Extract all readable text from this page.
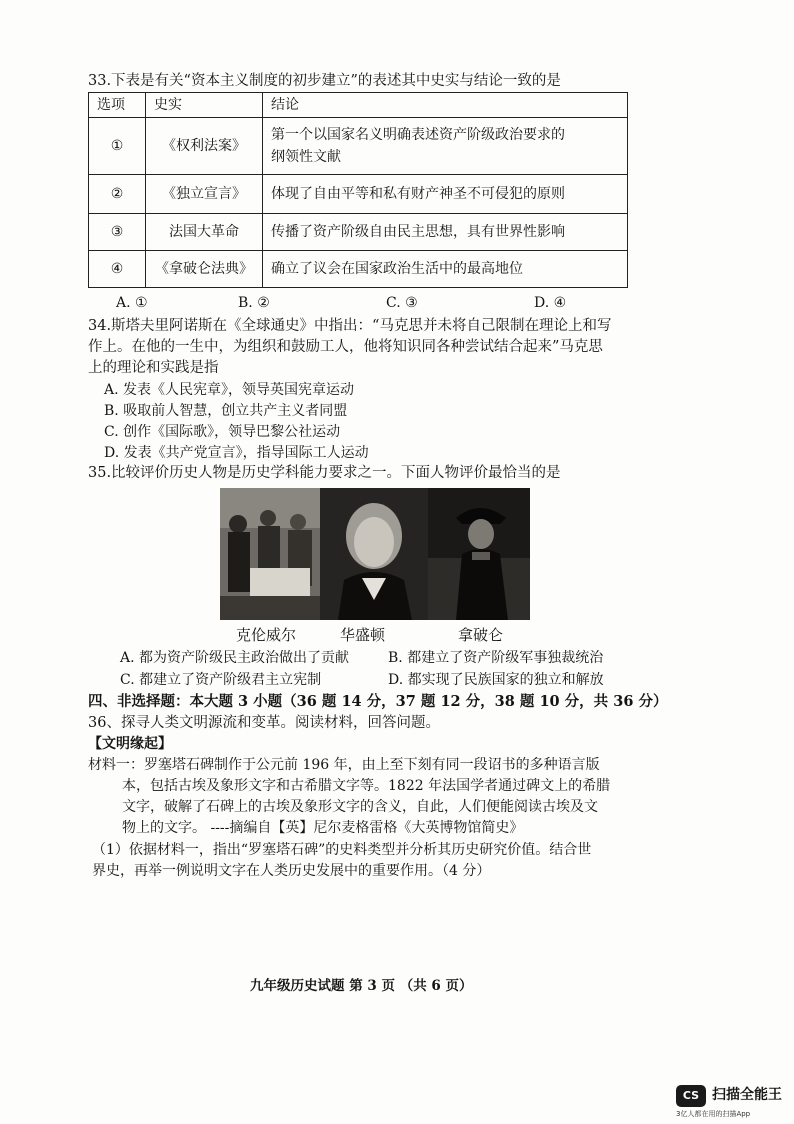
33.下表是有关“资本主义制度的初步建立”的表述其中史实与结论一致的是
选项	史实	结论
①	《权利法案》	第一个以国家名义明确表述资产阶级政治要求的
纲领性文献

②	《独立宣言》	体现了自由平等和私有财产神圣不可侵犯的原则
③	法国大革命	传播了资产阶级自由民主思想，具有世界性影响
④	《拿破仑法典》	确立了议会在国家政治生活中的最高地位
A. ①	B. ②	C. ③	D. ④
34.斯塔夫里阿诺斯在《全球通史》中指出：“马克思并未将自己限制在理论上和写
作上。在他的一生中，为组织和鼓励工人，他将知识同各种尝试结合起来”马克思
上的理论和实践是指
A. 发表《人民宪章》，领导英国宪章运动
B. 吸取前人智慧，创立共产主义者同盟
C. 创作《国际歌》，领导巴黎公社运动
D. 发表《共产党宣言》，指导国际工人运动
35.比较评价历史人物是历史学科能力要求之一。下面人物评价最恰当的是
克伦威尔	华盛顿	拿破仑
A. 都为资产阶级民主政治做出了贡献	B. 都建立了资产阶级军事独裁统治
C. 都建立了资产阶级君主立宪制	D. 都实现了民族国家的独立和解放
四、非选择题：本大题 3 小题（36 题 14 分，37 题 12 分，38 题 10 分，共 36 分）
36、探寻人类文明源流和变革。阅读材料，回答问题。
【文明缘起】
材料一：罗塞塔石碑制作于公元前 196 年，由上至下刻有同一段诏书的多种语言版
本，包括古埃及象形文字和古希腊文字等。1822 年法国学者通过碑文上的希腊
文字，破解了石碑上的古埃及象形文字的含义，自此，人们便能阅读古埃及文
物上的文字。 ----摘编自【英】尼尔麦格雷格《大英博物馆简史》
（1）依据材料一，指出“罗塞塔石碑”的史料类型并分析其历史研究价值。结合世
界史，再举一例说明文字在人类历史发展中的重要作用。（4 分）
九年级历史试题 第 3 页 （共 6 页）
CS 扫描全能王
3亿人都在用的扫描App
